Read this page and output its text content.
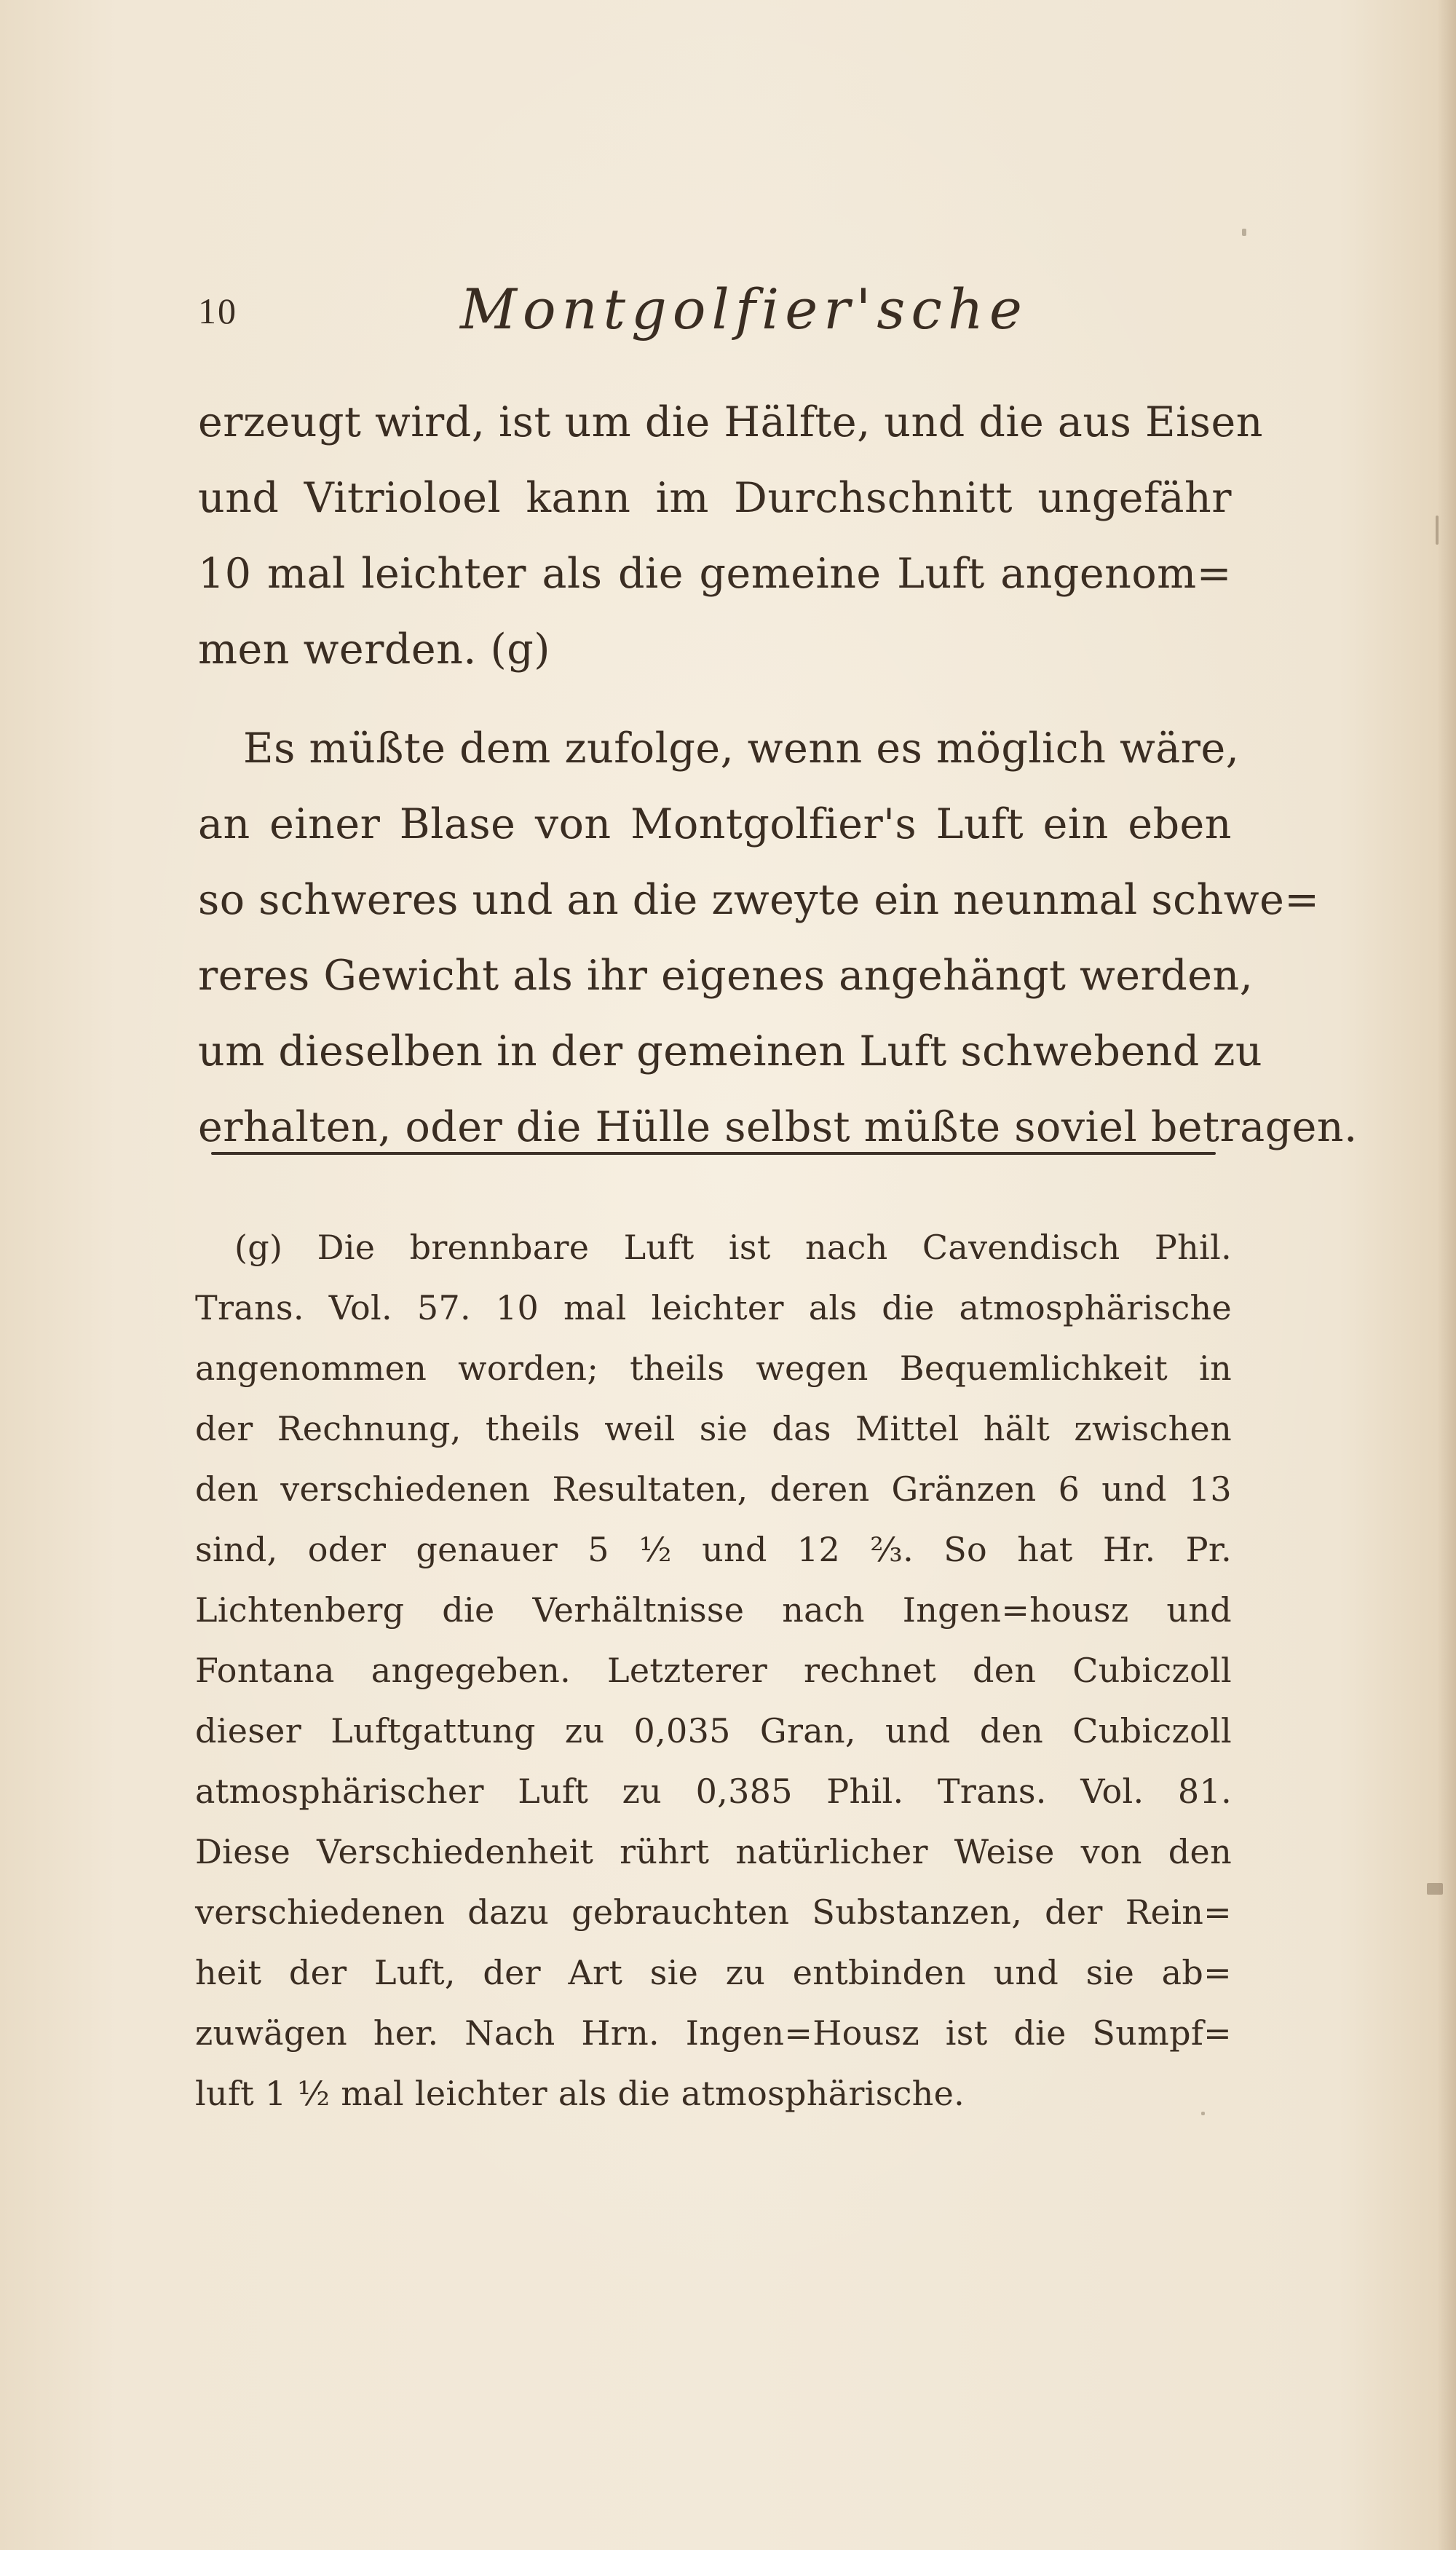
10	Montgolfier'sche
erzeugt wird, ist um die Hälfte, und die aus Eisen
und Vitrioloel kann im Durchschnitt ungefähr
10 mal leichter als die gemeine Luft angenom=
men werden. (g)
Es müßte dem zufolge, wenn es möglich wäre,
an einer Blase von Montgolfier's Luft ein eben
so schweres und an die zweyte ein neunmal schwe=
reres Gewicht als ihr eigenes angehängt werden,
um dieselben in der gemeinen Luft schwebend zu
erhalten, oder die Hülle selbst müßte soviel betragen.
(g) Die brennbare Luft ist nach Cavendisch Phil.
Trans. Vol. 57. 10 mal leichter als die atmosphärische
angenommen worden; theils wegen Bequemlichkeit in
der Rechnung, theils weil sie das Mittel hält zwischen
den verschiedenen Resultaten, deren Gränzen 6 und 13
sind, oder genauer 5 ½ und 12 ⅔. So hat Hr. Pr.
Lichtenberg die Verhältnisse nach Ingen=housz und
Fontana angegeben. Letzterer rechnet den Cubiczoll
dieser Luftgattung zu 0,035 Gran, und den Cubiczoll
atmosphärischer Luft zu 0,385 Phil. Trans. Vol. 81.
Diese Verschiedenheit rührt natürlicher Weise von den
verschiedenen dazu gebrauchten Substanzen, der Rein=
heit der Luft, der Art sie zu entbinden und sie ab=
zuwägen her. Nach Hrn. Ingen=Housz ist die Sumpf=
luft 1 ½ mal leichter als die atmosphärische.
